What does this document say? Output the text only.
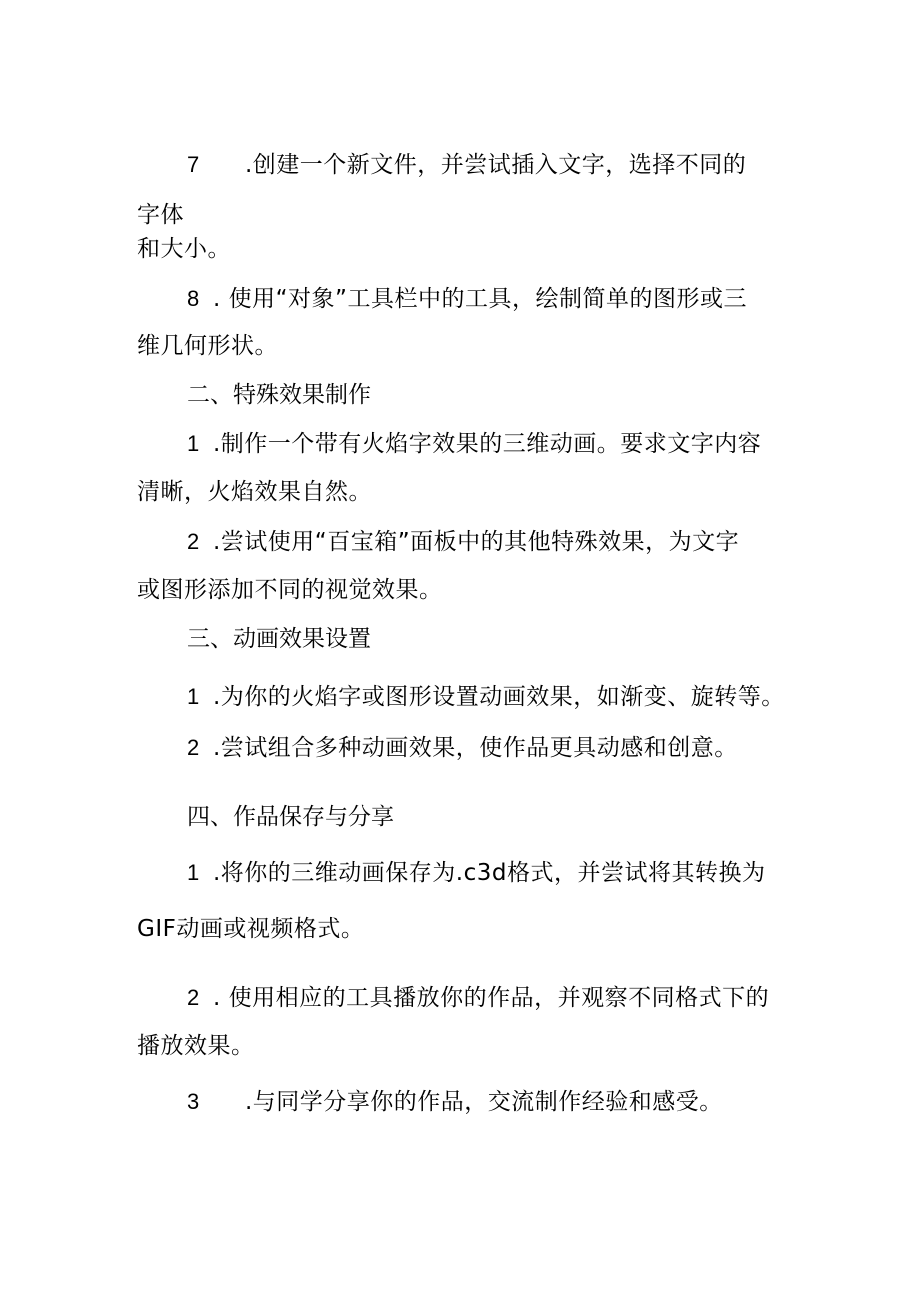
7 .创建一个新文件，并尝试插入文字，选择不同的
字体
和大小。
8 . 使用“对象”工具栏中的工具，绘制简单的图形或三
维几何形状。
二、特殊效果制作
1 .制作一个带有火焰字效果的三维动画。要求文字内容
清晰，火焰效果自然。
2 .尝试使用“百宝箱”面板中的其他特殊效果，为文字
或图形添加不同的视觉效果。
三、动画效果设置
1 .为你的火焰字或图形设置动画效果，如渐变、旋转等。
2 .尝试组合多种动画效果，使作品更具动感和创意。
四、作品保存与分享
1 .将你的三维动画保存为.c3d格式，并尝试将其转换为
GIF动画或视频格式。
2 . 使用相应的工具播放你的作品，并观察不同格式下的
播放效果。
3 .与同学分享你的作品，交流制作经验和感受。
